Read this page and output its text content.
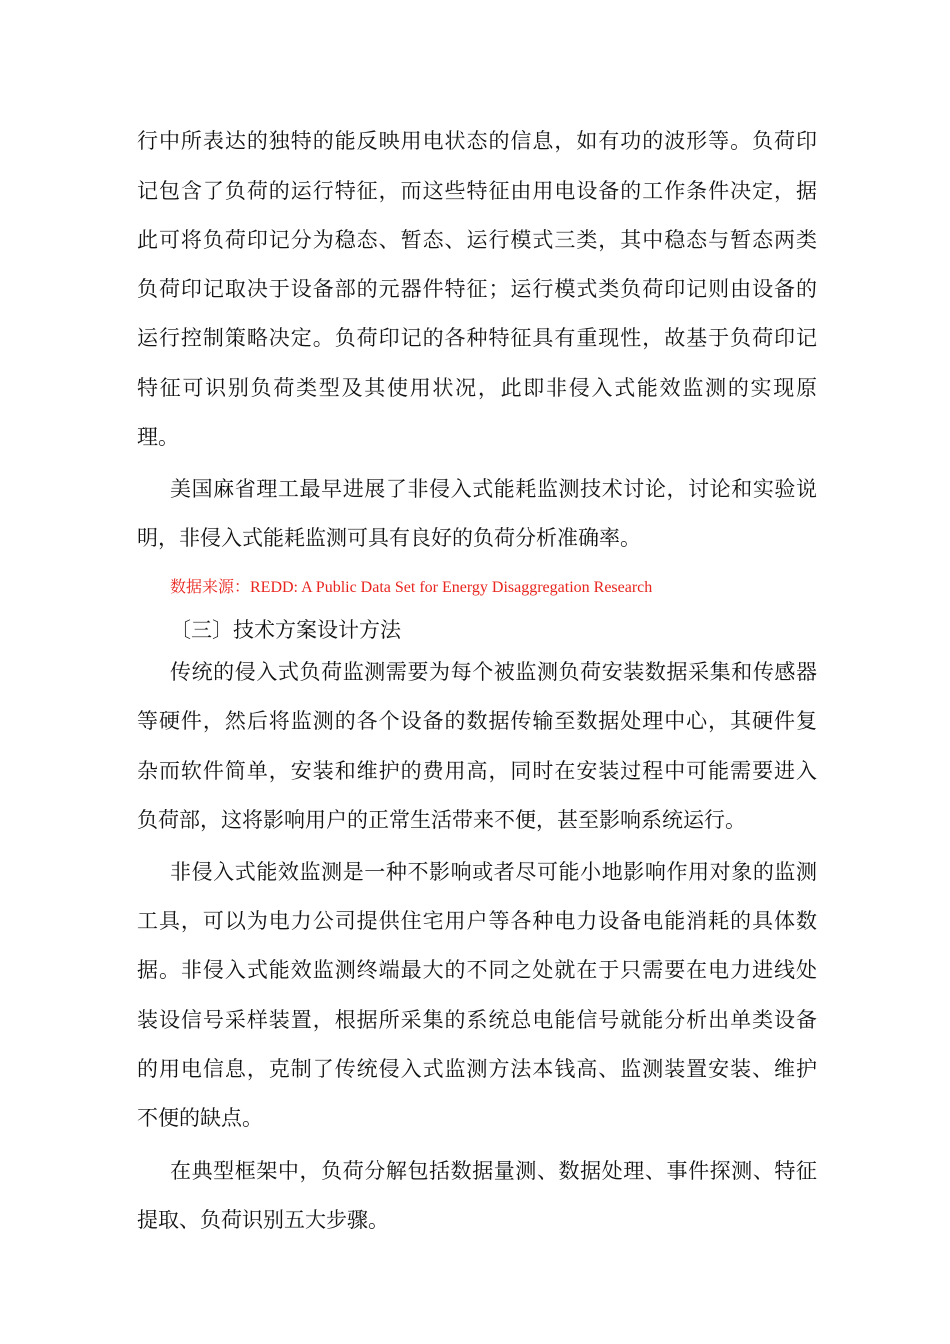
行中所表达的独特的能反映用电状态的信息，如有功的波形等。负荷印
记包含了负荷的运行特征，而这些特征由用电设备的工作条件决定，据
此可将负荷印记分为稳态、暂态、运行模式三类，其中稳态与暂态两类
负荷印记取决于设备部的元器件特征；运行模式类负荷印记则由设备的
运行控制策略决定。负荷印记的各种特征具有重现性，故基于负荷印记
特征可识别负荷类型及其使用状况，此即非侵入式能效监测的实现原
理。
美国麻省理工最早进展了非侵入式能耗监测技术讨论，讨论和实验说
明，非侵入式能耗监测可具有良好的负荷分析准确率。
数据来源：REDD: A Public Data Set for Energy Disaggregation Research
〔三〕技术方案设计方法
传统的侵入式负荷监测需要为每个被监测负荷安装数据采集和传感器
等硬件，然后将监测的各个设备的数据传输至数据处理中心，其硬件复
杂而软件简单，安装和维护的费用高，同时在安装过程中可能需要进入
负荷部，这将影响用户的正常生活带来不便，甚至影响系统运行。
非侵入式能效监测是一种不影响或者尽可能小地影响作用对象的监测
工具，可以为电力公司提供住宅用户等各种电力设备电能消耗的具体数
据。非侵入式能效监测终端最大的不同之处就在于只需要在电力进线处
装设信号采样装置，根据所采集的系统总电能信号就能分析出单类设备
的用电信息，克制了传统侵入式监测方法本钱高、监测装置安装、维护
不便的缺点。
在典型框架中，负荷分解包括数据量测、数据处理、事件探测、特征
提取、负荷识别五大步骤。
